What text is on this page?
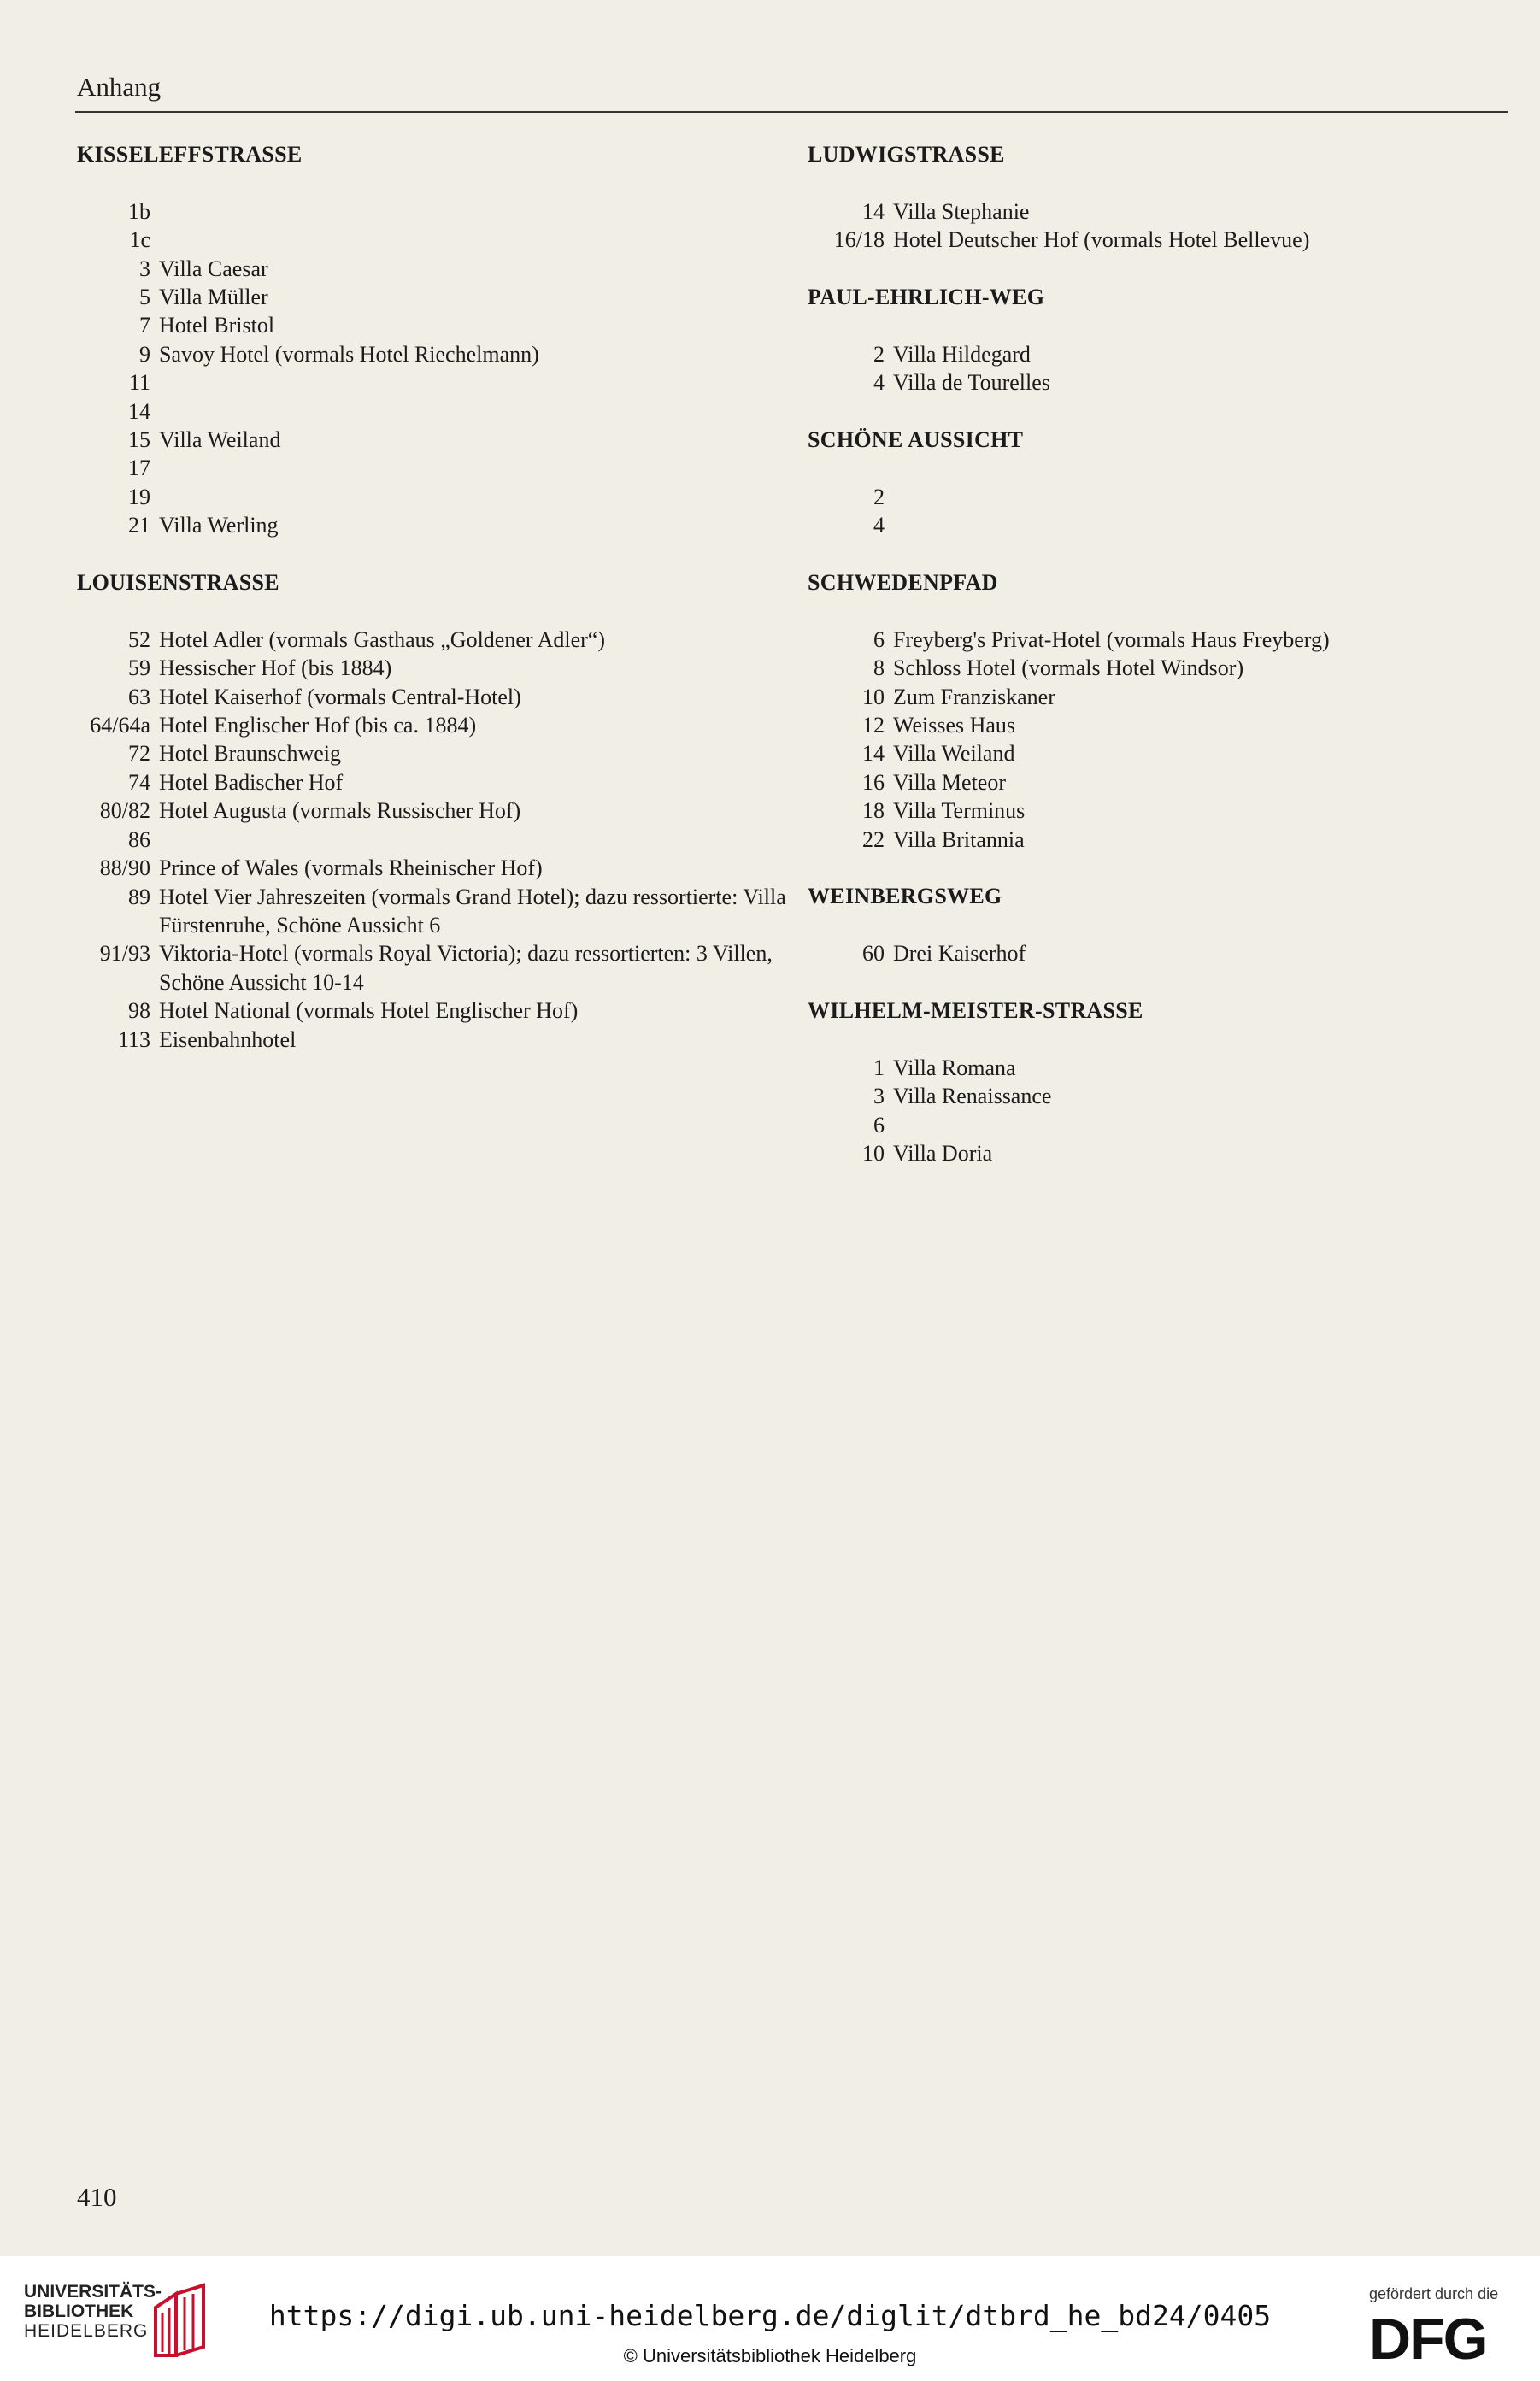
Anhang
KISSELEFFSTRASSE
1b
1c
3 Villa Caesar
5 Villa Müller
7 Hotel Bristol
9 Savoy Hotel (vormals Hotel Riechelmann)
11
14
15 Villa Weiland
17
19
21 Villa Werling
LOUISENSTRASSE
52 Hotel Adler (vormals Gasthaus „Goldener Adler“)
59 Hessischer Hof (bis 1884)
63 Hotel Kaiserhof (vormals Central-Hotel)
64/64a Hotel Englischer Hof (bis ca. 1884)
72 Hotel Braunschweig
74 Hotel Badischer Hof
80/82 Hotel Augusta (vormals Russischer Hof)
86
88/90 Prince of Wales (vormals Rheinischer Hof)
89 Hotel Vier Jahreszeiten (vormals Grand Hotel); dazu ressortierte: Villa Fürstenruhe, Schöne Aussicht 6
91/93 Viktoria-Hotel (vormals Royal Victoria); dazu ressortierten: 3 Villen, Schöne Aussicht 10-14
98 Hotel National (vormals Hotel Englischer Hof)
113 Eisenbahnhotel
LUDWIGSTRASSE
14 Villa Stephanie
16/18 Hotel Deutscher Hof (vormals Hotel Bellevue)
PAUL-EHRLICH-WEG
2 Villa Hildegard
4 Villa de Tourelles
SCHÖNE AUSSICHT
2
4
SCHWEDENPFAD
6 Freyberg's Privat-Hotel (vormals Haus Freyberg)
8 Schloss Hotel (vormals Hotel Windsor)
10 Zum Franziskaner
12 Weisses Haus
14 Villa Weiland
16 Villa Meteor
18 Villa Terminus
22 Villa Britannia
WEINBERGSWEG
60 Drei Kaiserhof
WILHELM-MEISTER-STRASSE
1 Villa Romana
3 Villa Renaissance
6
10 Villa Doria
410
UNIVERSITÄTS-
BIBLIOTHEK
HEIDELBERG	https://digi.ub.uni-heidelberg.de/diglit/dtbrd_he_bd24/0405
© Universitätsbibliothek Heidelberg
gefördert durch die
DFG
